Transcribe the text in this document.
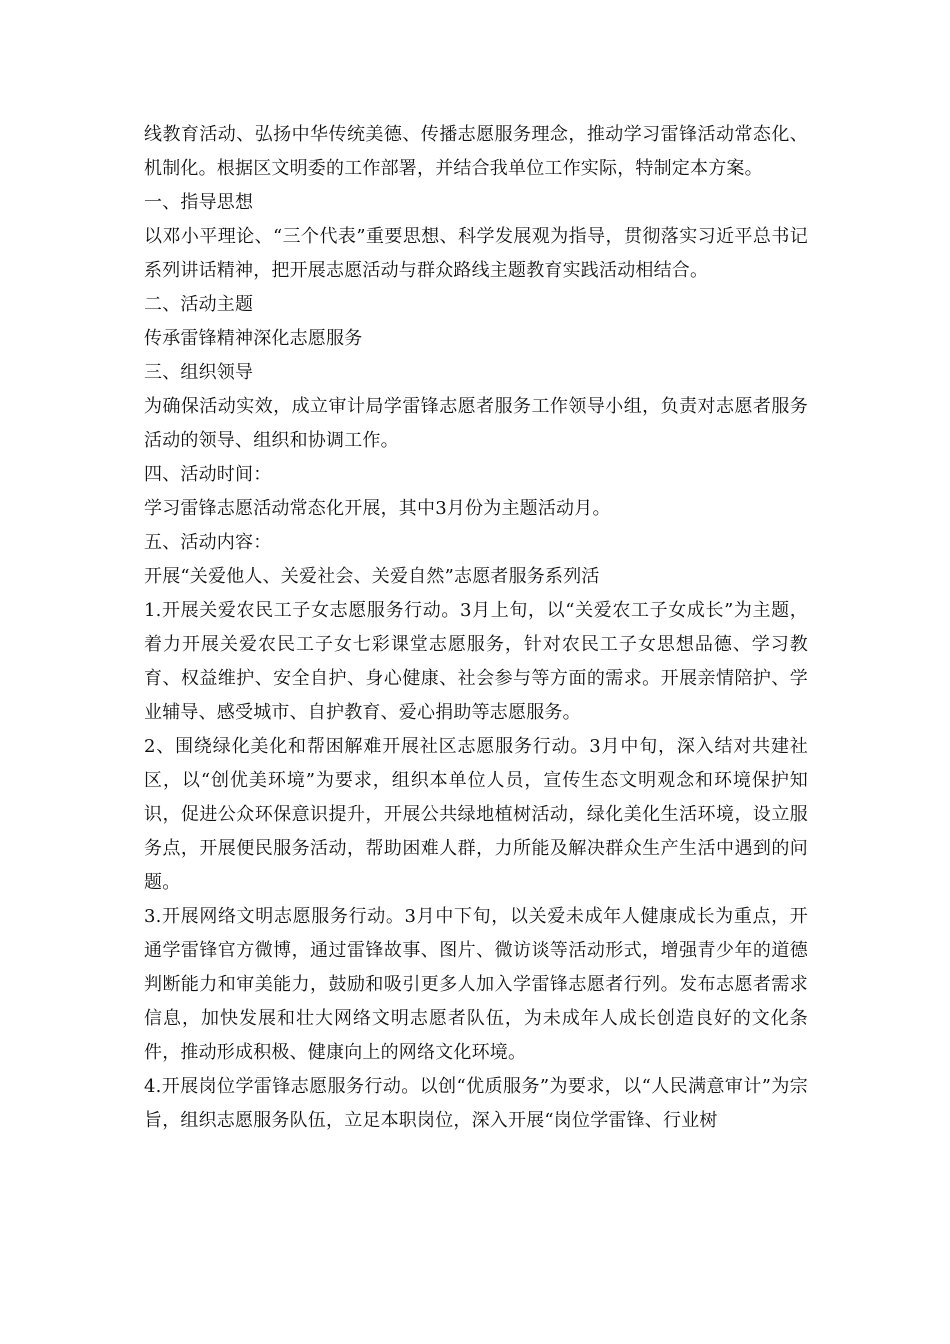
线教育活动、弘扬中华传统美德、传播志愿服务理念，推动学习雷锋活动常态化、机制化。根据区文明委的工作部署，并结合我单位工作实际，特制定本方案。

一、指导思想

以邓小平理论、“三个代表”重要思想、科学发展观为指导，贯彻落实习近平总书记系列讲话精神，把开展志愿活动与群众路线主题教育实践活动相结合。

二、活动主题

传承雷锋精神深化志愿服务

三、组织领导

为确保活动实效，成立审计局学雷锋志愿者服务工作领导小组，负责对志愿者服务活动的领导、组织和协调工作。

四、活动时间：

学习雷锋志愿活动常态化开展，其中3月份为主题活动月。

五、活动内容：

开展“关爱他人、关爱社会、关爱自然”志愿者服务系列活

1.开展关爱农民工子女志愿服务行动。3月上旬，以“关爱农工子女成长”为主题，着力开展关爱农民工子女七彩课堂志愿服务，针对农民工子女思想品德、学习教育、权益维护、安全自护、身心健康、社会参与等方面的需求。开展亲情陪护、学业辅导、感受城市、自护教育、爱心捐助等志愿服务。

2、围绕绿化美化和帮困解难开展社区志愿服务行动。3月中旬，深入结对共建社区，以“创优美环境”为要求，组织本单位人员，宣传生态文明观念和环境保护知识，促进公众环保意识提升，开展公共绿地植树活动，绿化美化生活环境，设立服务点，开展便民服务活动，帮助困难人群，力所能及解决群众生产生活中遇到的问题。

3.开展网络文明志愿服务行动。3月中下旬，以关爱未成年人健康成长为重点，开通学雷锋官方微博，通过雷锋故事、图片、微访谈等活动形式，增强青少年的道德判断能力和审美能力，鼓励和吸引更多人加入学雷锋志愿者行列。发布志愿者需求信息，加快发展和壮大网络文明志愿者队伍，为未成年人成长创造良好的文化条件，推动形成积极、健康向上的网络文化环境。

4.开展岗位学雷锋志愿服务行动。以创“优质服务”为要求，以“人民满意审计”为宗旨，组织志愿服务队伍，立足本职岗位，深入开展“岗位学雷锋、行业树
